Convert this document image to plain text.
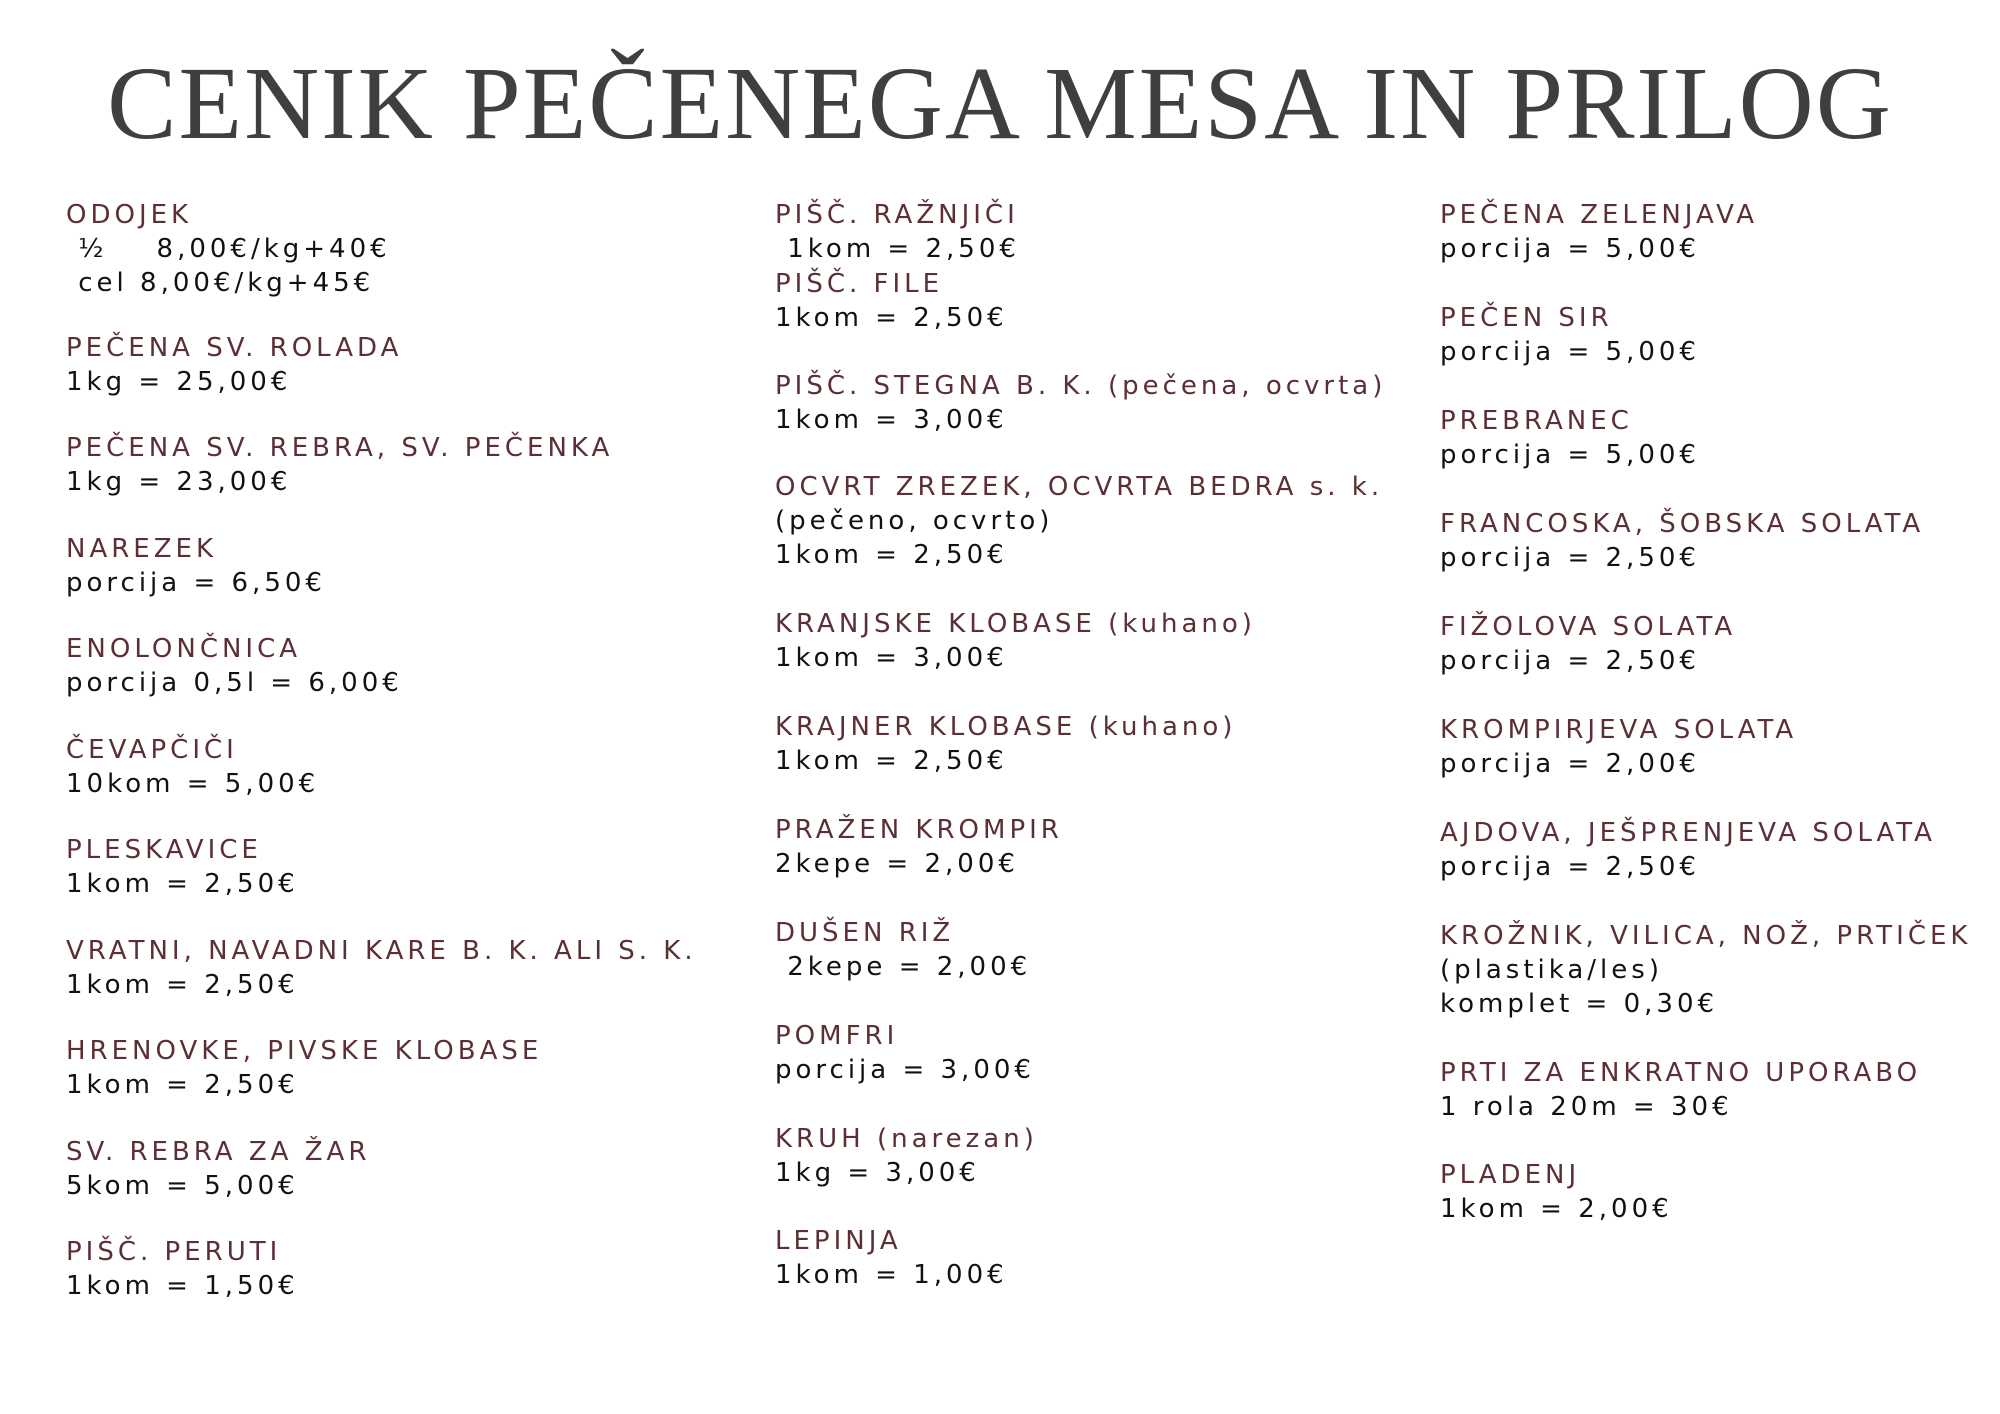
CENIK PEČENEGA MESA IN PRILOG
ODOJEK
½    8,00€/kg+40€
cel 8,00€/kg+45€
PEČENA SV. ROLADA
1kg = 25,00€
PEČENA SV. REBRA, SV. PEČENKA
1kg = 23,00€
NAREZEK
porcija = 6,50€
ENOLONČNICA
porcija 0,5l = 6,00€
ČEVAPČIČI
10kom = 5,00€
PLESKAVICE
1kom = 2,50€
VRATNI, NAVADNI KARE B. K. ALI S. K.
1kom = 2,50€
HRENOVKE, PIVSKE KLOBASE
1kom = 2,50€
SV. REBRA ZA ŽAR
5kom = 5,00€
PIŠČ. PERUTI
1kom = 1,50€
PIŠČ. RAŽNJIČI
1kom = 2,50€
PIŠČ. FILE
1kom = 2,50€
PIŠČ. STEGNA B. K. (pečena, ocvrta)
1kom = 3,00€
OCVRT ZREZEK, OCVRTA BEDRA s. k.
(pečeno, ocvrto)
1kom = 2,50€
KRANJSKE KLOBASE (kuhano)
1kom = 3,00€
KRAJNER KLOBASE (kuhano)
1kom = 2,50€
PRAŽEN KROMPIR
2kepe = 2,00€
DUŠEN RIŽ
2kepe = 2,00€
POMFRI
porcija = 3,00€
KRUH (narezan)
1kg = 3,00€
LEPINJA
1kom = 1,00€
PEČENA ZELENJAVA
porcija = 5,00€
PEČEN SIR
porcija = 5,00€
PREBRANEC
porcija = 5,00€
FRANCOSKA, ŠOBSKA SOLATA
porcija = 2,50€
FIŽOLOVA SOLATA
porcija = 2,50€
KROMPIRJEVA SOLATA
porcija = 2,00€
AJDOVA, JEŠPRENJEVA SOLATA
porcija = 2,50€
KROŽNIK, VILICA, NOŽ, PRTIČEK
(plastika/les)
komplet = 0,30€
PRTI ZA ENKRATNO UPORABO
1 rola 20m = 30€
PLADENJ
1kom = 2,00€
